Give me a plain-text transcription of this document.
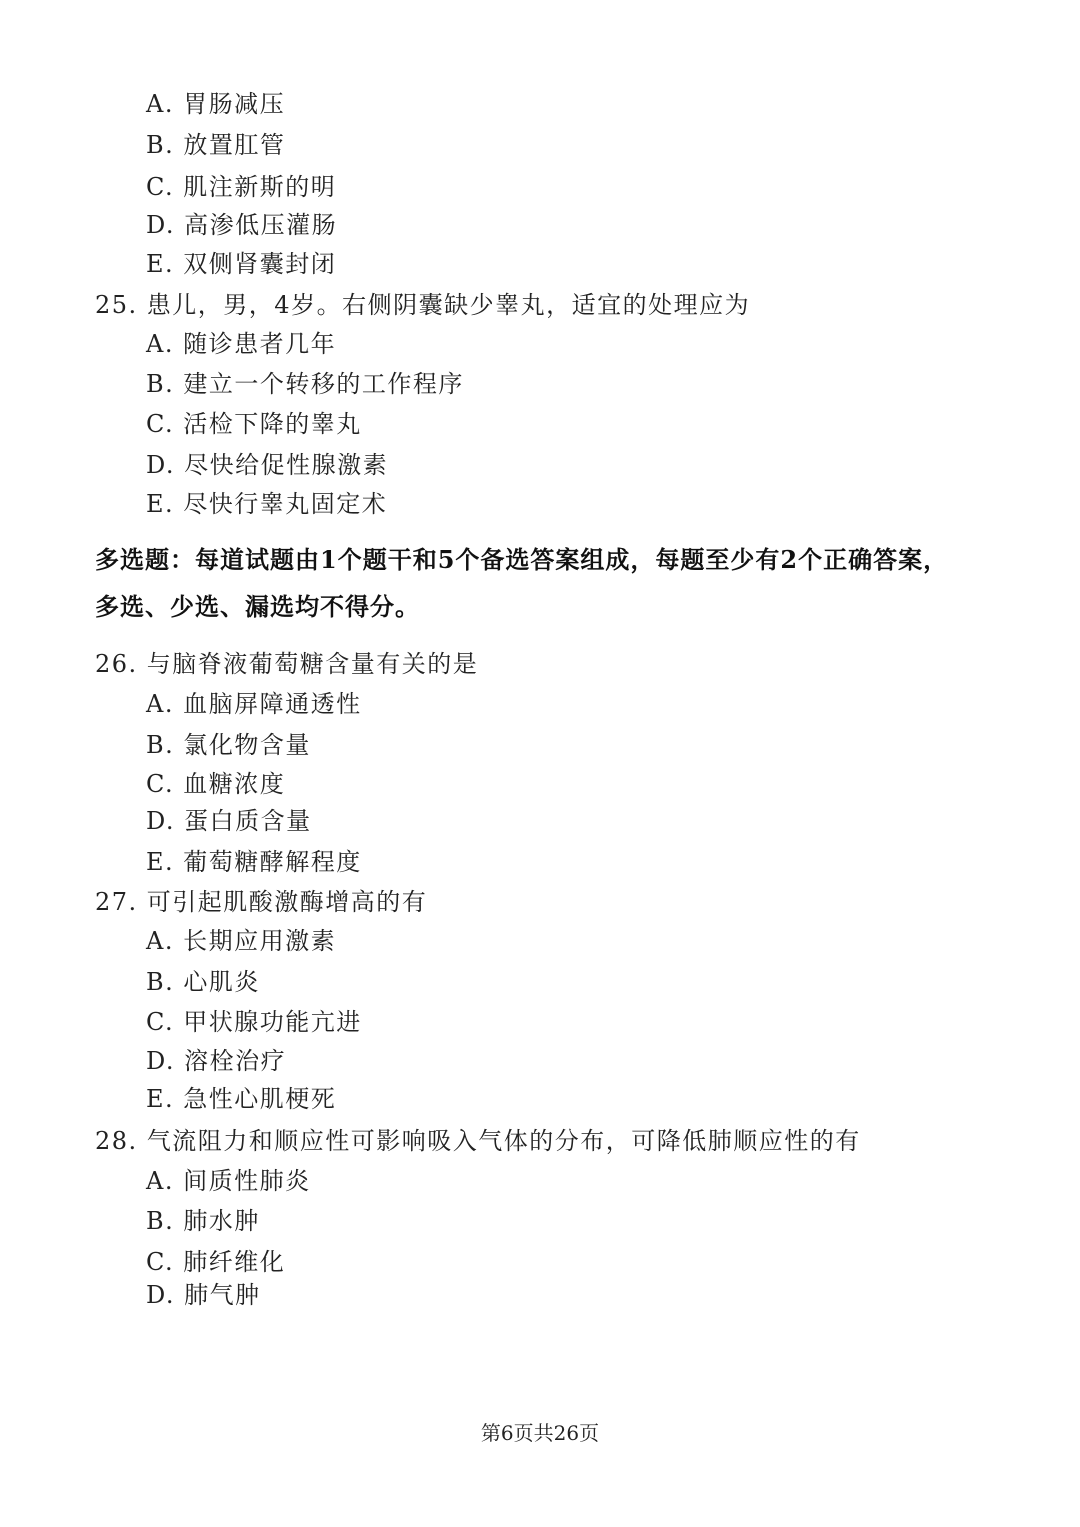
A. 胃肠减压
B. 放置肛管
C. 肌注新斯的明
D. 高渗低压灌肠
E. 双侧肾囊封闭
25. 患儿，男，4岁。右侧阴囊缺少睾丸，适宜的处理应为
A. 随诊患者几年
B. 建立一个转移的工作程序
C. 活检下降的睾丸
D. 尽快给促性腺激素
E. 尽快行睾丸固定术
多选题：每道试题由1个题干和5个备选答案组成，每题至少有2个正确答案，
多选、少选、漏选均不得分。
26. 与脑脊液葡萄糖含量有关的是
A. 血脑屏障通透性
B. 氯化物含量
C. 血糖浓度
D. 蛋白质含量
E. 葡萄糖酵解程度
27. 可引起肌酸激酶增高的有
A. 长期应用激素
B. 心肌炎
C. 甲状腺功能亢进
D. 溶栓治疗
E. 急性心肌梗死
28. 气流阻力和顺应性可影响吸入气体的分布，可降低肺顺应性的有
A. 间质性肺炎
B. 肺水肿
C. 肺纤维化
D. 肺气肿
第6页共26页
